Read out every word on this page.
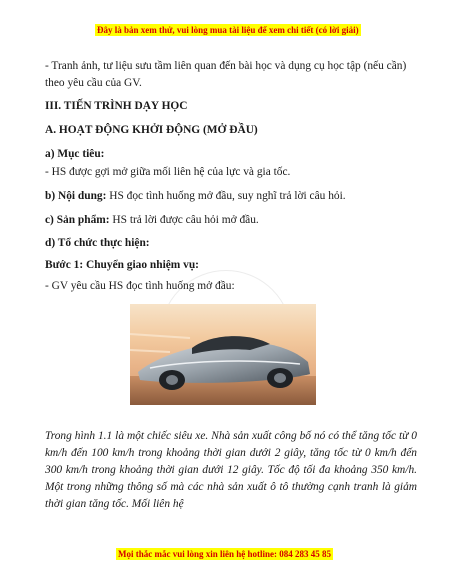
Đây là bản xem thử, vui lòng mua tài liệu để xem chi tiết (có lời giải)
- Tranh ảnh, tư liệu sưu tầm liên quan đến bài học và dụng cụ học tập (nếu cần) theo yêu cầu của GV.
III. TIẾN TRÌNH DẠY HỌC
A. HOẠT ĐỘNG KHỞI ĐỘNG (MỞ ĐẦU)
a) Mục tiêu:
- HS được gợi mở giữa mối liên hệ của lực và gia tốc.
b) Nội dung: HS đọc tình huống mở đầu, suy nghĩ trả lời câu hỏi.
c) Sản phẩm: HS trả lời được câu hỏi mở đầu.
d) Tổ chức thực hiện:
Bước 1: Chuyển giao nhiệm vụ:
- GV yêu cầu HS đọc tình huống mở đầu:
Trong hình 1.1 là một chiếc siêu xe. Nhà sản xuất công bố nó có thể tăng tốc từ 0 km/h đến 100 km/h trong khoảng thời gian dưới 2 giây, tăng tốc từ 0 km/h đến 300 km/h trong khoảng thời gian dưới 12 giây. Tốc độ tối đa khoảng 350 km/h. Một trong những thông số mà các nhà sản xuất ô tô thường cạnh tranh là giảm thời gian tăng tốc. Mối liên hệ
Mọi thắc mắc vui lòng xin liên hệ hotline: 084 283 45 85
